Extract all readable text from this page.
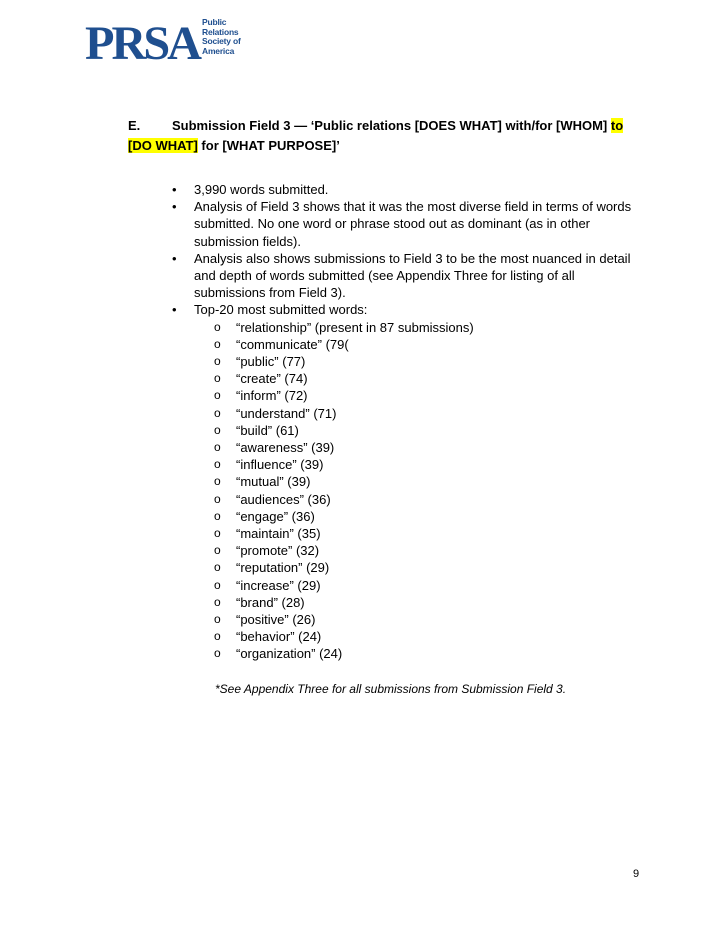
PRSA Public
Relations
Society of
America
E. Submission Field 3 — ‘Public relations [DOES WHAT] with/for [WHOM] to
[DO WHAT] for [WHAT PURPOSE]’
• 3,990 words submitted.
• Analysis of Field 3 shows that it was the most diverse field in terms of words submitted. No one word or phrase stood out as dominant (as in other submission fields).
• Analysis also shows submissions to Field 3 to be the most nuanced in detail and depth of words submitted (see Appendix Three for listing of all submissions from Field 3).
• Top-20 most submitted words:
o “relationship” (present in 87 submissions)
o “communicate” (79(
o “public” (77)
o “create” (74)
o “inform” (72)
o “understand” (71)
o “build” (61)
o “awareness” (39)
o “influence” (39)
o “mutual” (39)
o “audiences” (36)
o “engage” (36)
o “maintain” (35)
o “promote” (32)
o “reputation” (29)
o “increase” (29)
o “brand” (28)
o “positive” (26)
o “behavior” (24)
o “organization” (24)
*See Appendix Three for all submissions from Submission Field 3.
9
